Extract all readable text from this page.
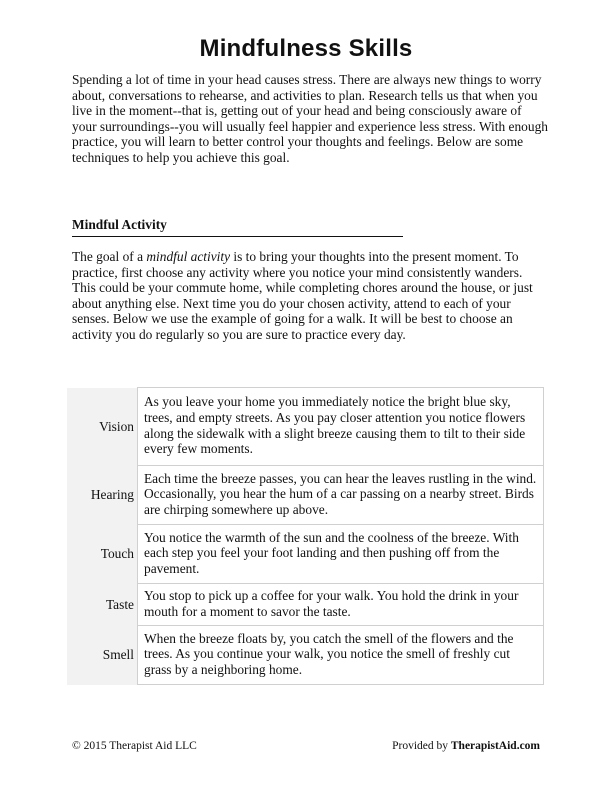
Mindfulness Skills

Spending a lot of time in your head causes stress. There are always new things to worry about, conversations to rehearse, and activities to plan. Research tells us that when you live in the moment--that is, getting out of your head and being consciously aware of your surroundings--you will usually feel happier and experience less stress. With enough practice, you will learn to better control your thoughts and feelings. Below are some techniques to help you achieve this goal.

Mindful Activity

The goal of a mindful activity is to bring your thoughts into the present moment. To practice, first choose any activity where you notice your mind consistently wanders. This could be your commute home, while completing chores around the house, or just about anything else. Next time you do your chosen activity, attend to each of your senses. Below we use the example of going for a walk. It will be best to choose an activity you do regularly so you are sure to practice every day.

Vision	As you leave your home you immediately notice the bright blue sky, trees, and empty streets. As you pay closer attention you notice flowers along the sidewalk with a slight breeze causing them to tilt to their side every few moments.
Hearing	Each time the breeze passes, you can hear the leaves rustling in the wind. Occasionally, you hear the hum of a car passing on a nearby street. Birds are chirping somewhere up above.
Touch	You notice the warmth of the sun and the coolness of the breeze. With each step you feel your foot landing and then pushing off from the pavement.
Taste	You stop to pick up a coffee for your walk. You hold the drink in your mouth for a moment to savor the taste.
Smell	When the breeze floats by, you catch the smell of the flowers and the trees. As you continue your walk, you notice the smell of freshly cut grass by a neighboring home.
© 2015 Therapist Aid LLC	Provided by TherapistAid.com
